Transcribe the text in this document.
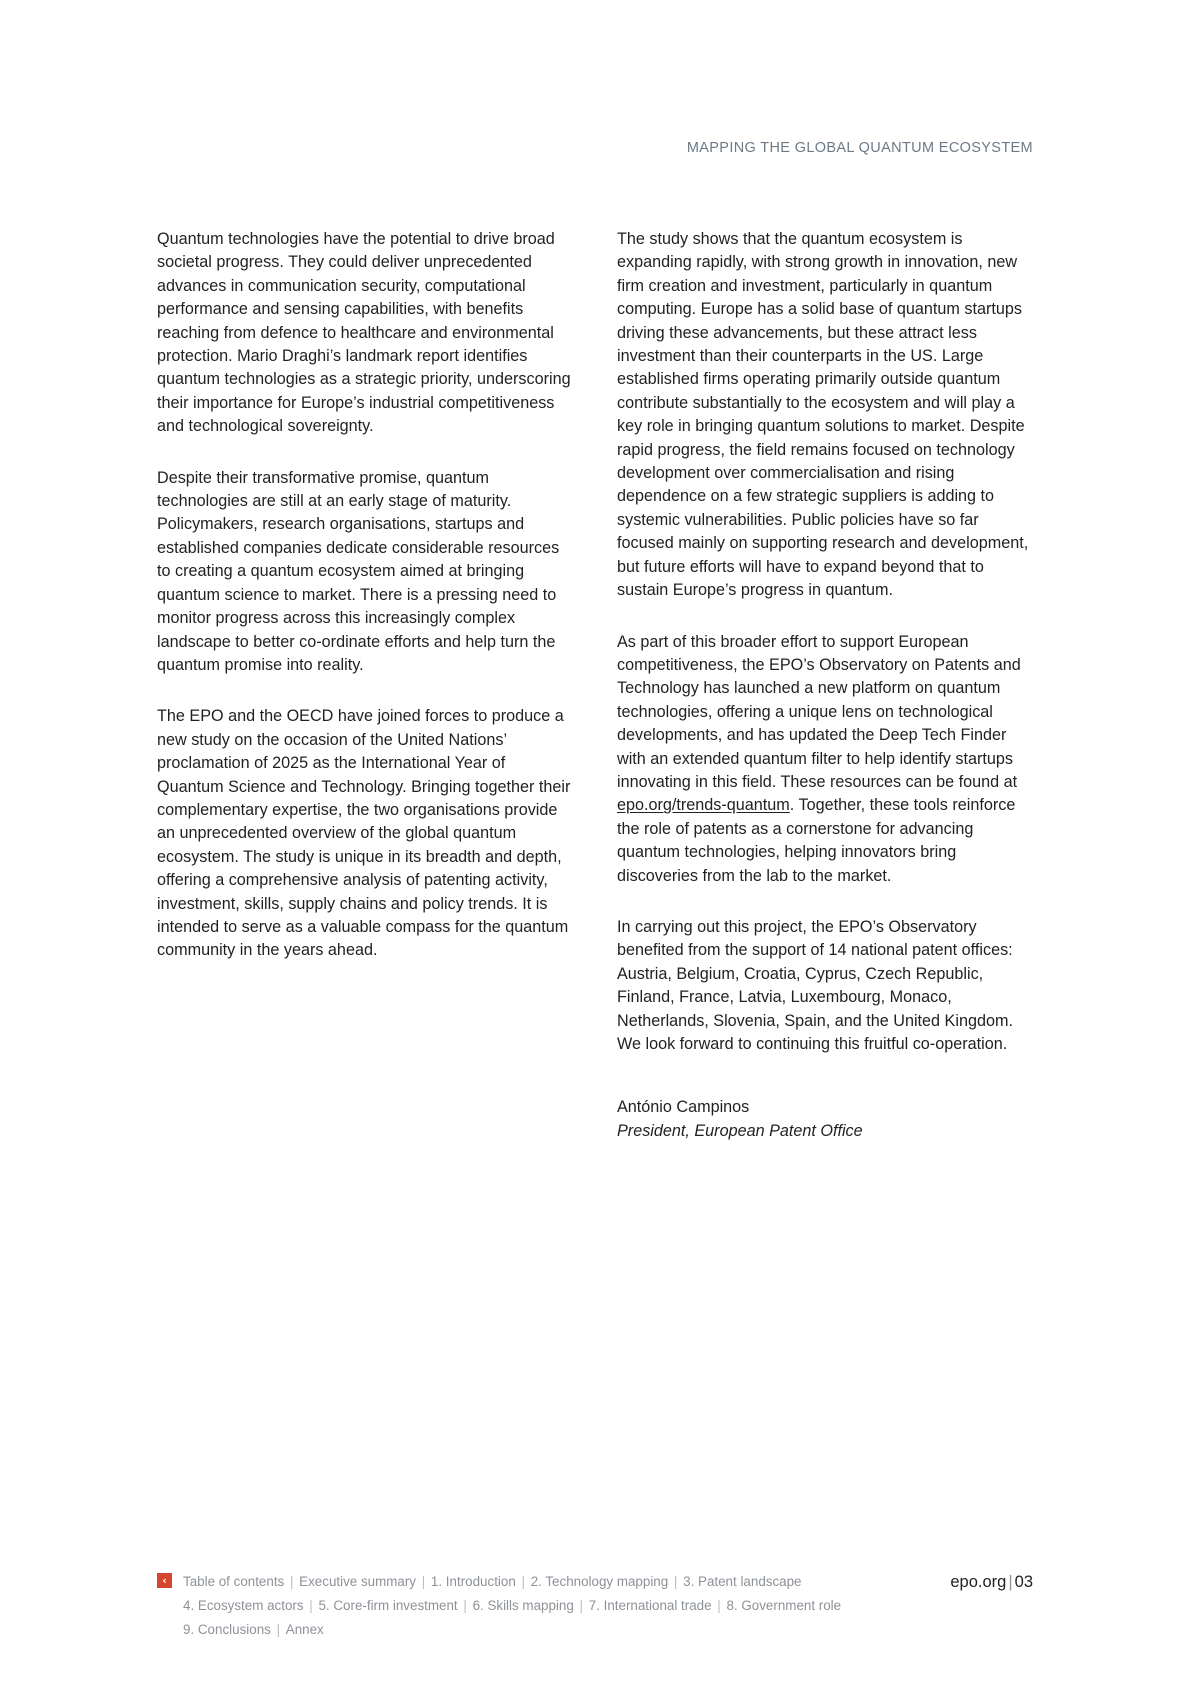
MAPPING THE GLOBAL QUANTUM ECOSYSTEM

Quantum technologies have the potential to drive broad societal progress. They could deliver unprecedented advances in communication security, computational performance and sensing capabilities, with benefits reaching from defence to healthcare and environmental protection. Mario Draghi’s landmark report identifies quantum technologies as a strategic priority, underscoring their importance for Europe’s industrial competitiveness and technological sovereignty.

Despite their transformative promise, quantum technologies are still at an early stage of maturity. Policymakers, research organisations, startups and established companies dedicate considerable resources to creating a quantum ecosystem aimed at bringing quantum science to market. There is a pressing need to monitor progress across this increasingly complex landscape to better co-ordinate efforts and help turn the quantum promise into reality.

The EPO and the OECD have joined forces to produce a new study on the occasion of the United Nations’ proclamation of 2025 as the International Year of Quantum Science and Technology. Bringing together their complementary expertise, the two organisations provide an unprecedented overview of the global quantum ecosystem. The study is unique in its breadth and depth, offering a comprehensive analysis of patenting activity, investment, skills, supply chains and policy trends. It is intended to serve as a valuable compass for the quantum community in the years ahead.

The study shows that the quantum ecosystem is expanding rapidly, with strong growth in innovation, new firm creation and investment, particularly in quantum computing. Europe has a solid base of quantum startups driving these advancements, but these attract less investment than their counterparts in the US. Large established firms operating primarily outside quantum contribute substantially to the ecosystem and will play a key role in bringing quantum solutions to market. Despite rapid progress, the field remains focused on technology development over commercialisation and rising dependence on a few strategic suppliers is adding to systemic vulnerabilities. Public policies have so far focused mainly on supporting research and development, but future efforts will have to expand beyond that to sustain Europe’s progress in quantum.

As part of this broader effort to support European competitiveness, the EPO’s Observatory on Patents and Technology has launched a new platform on quantum technologies, offering a unique lens on technological developments, and has updated the Deep Tech Finder with an extended quantum filter to help identify startups innovating in this field. These resources can be found at epo.org/trends-quantum. Together, these tools reinforce the role of patents as a cornerstone for advancing quantum technologies, helping innovators bring discoveries from the lab to the market.

In carrying out this project, the EPO’s Observatory benefited from the support of 14 national patent offices: Austria, Belgium, Croatia, Cyprus, Czech Republic, Finland, France, Latvia, Luxembourg, Monaco, Netherlands, Slovenia, Spain, and the United Kingdom. We look forward to continuing this fruitful co-operation.

António Campinos
President, European Patent Office
‹	Table of contents | Executive summary | 1. Introduction | 2. Technology mapping | 3. Patent landscape
4. Ecosystem actors | 5. Core-firm investment | 6. Skills mapping | 7. International trade | 8. Government role
9. Conclusions | Annex
epo.org | 03
